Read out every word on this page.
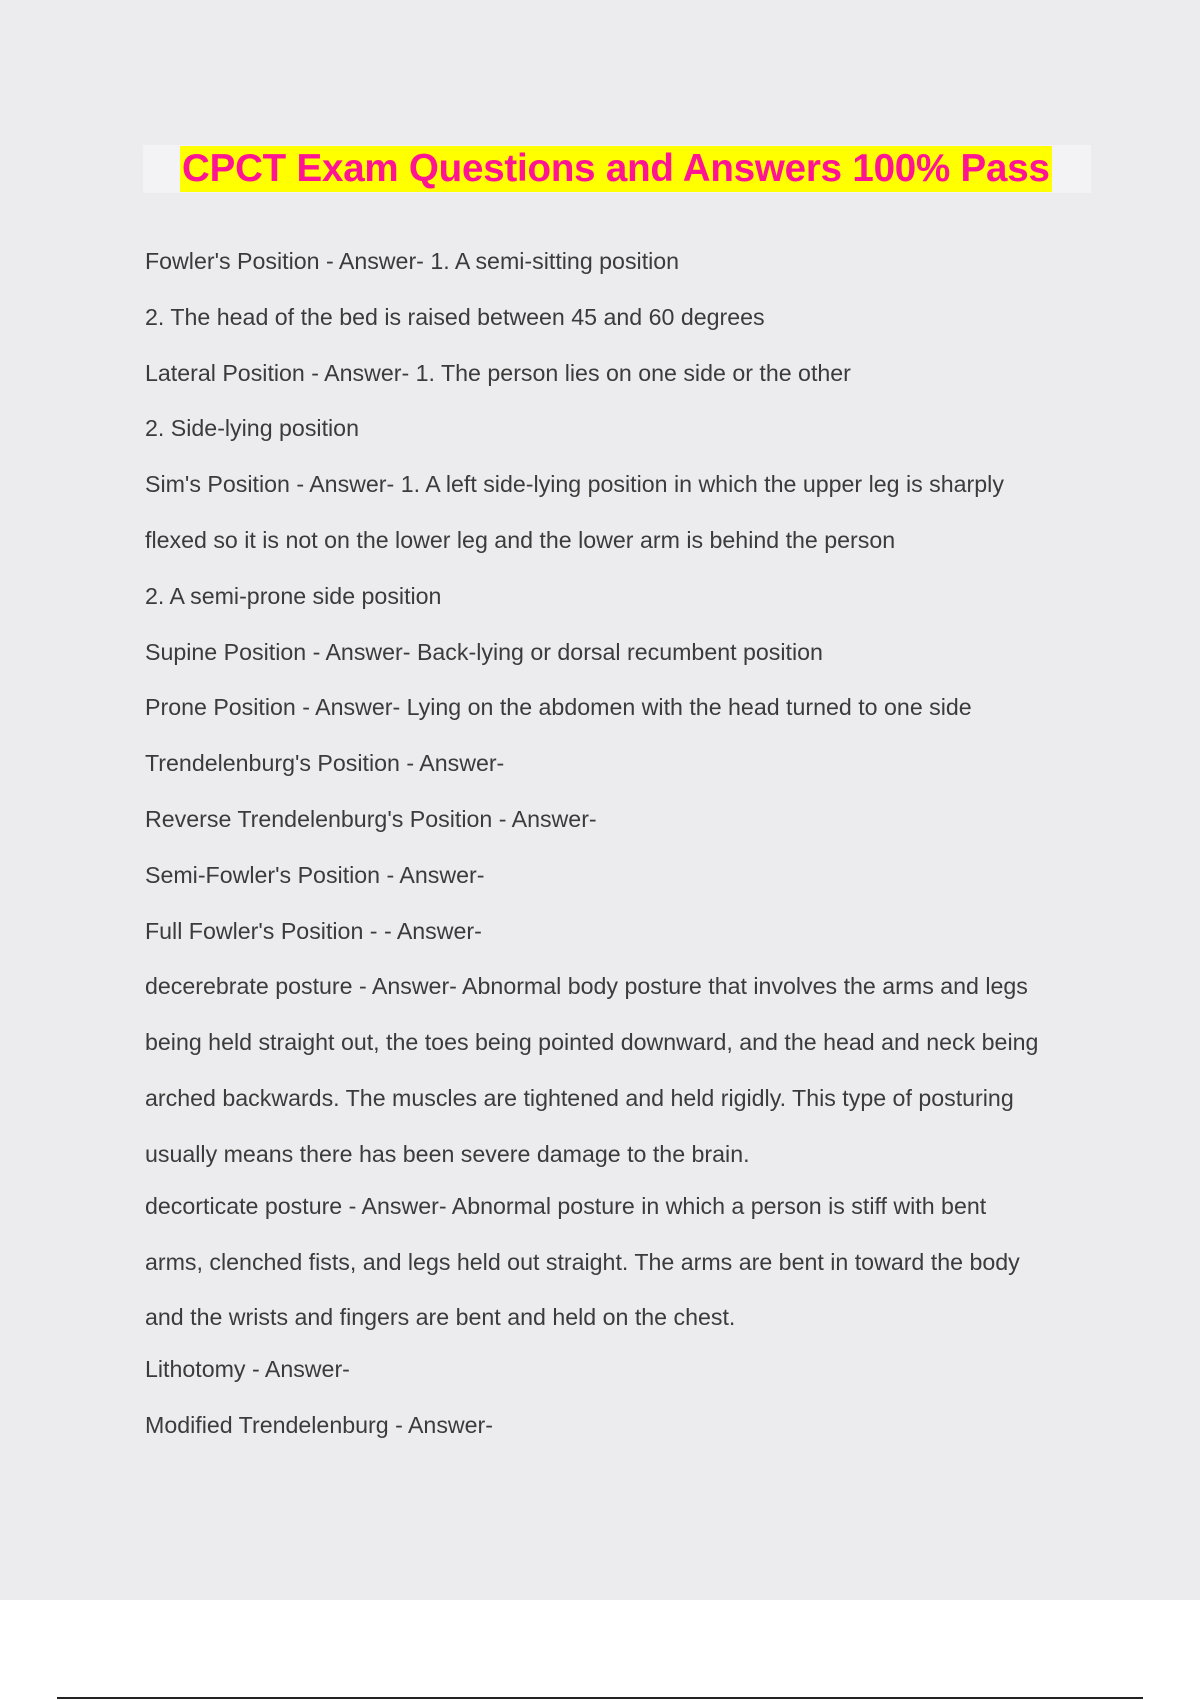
CPCT Exam Questions and Answers 100% Pass
Fowler's Position - Answer- 1. A semi-sitting position
2. The head of the bed is raised between 45 and 60 degrees
Lateral Position - Answer- 1. The person lies on one side or the other
2. Side-lying position
Sim's Position - Answer- 1. A left side-lying position in which the upper leg is sharply
flexed so it is not on the lower leg and the lower arm is behind the person
2. A semi-prone side position
Supine Position - Answer- Back-lying or dorsal recumbent position
Prone Position - Answer- Lying on the abdomen with the head turned to one side
Trendelenburg's Position - Answer-
Reverse Trendelenburg's Position - Answer-
Semi-Fowler's Position - Answer-
Full Fowler's Position - - Answer-
decerebrate posture - Answer- Abnormal body posture that involves the arms and legs
being held straight out, the toes being pointed downward, and the head and neck being
arched backwards. The muscles are tightened and held rigidly. This type of posturing
usually means there has been severe damage to the brain.
decorticate posture - Answer- Abnormal posture in which a person is stiff with bent
arms, clenched fists, and legs held out straight. The arms are bent in toward the body
and the wrists and fingers are bent and held on the chest.
Lithotomy - Answer-
Modified Trendelenburg - Answer-
